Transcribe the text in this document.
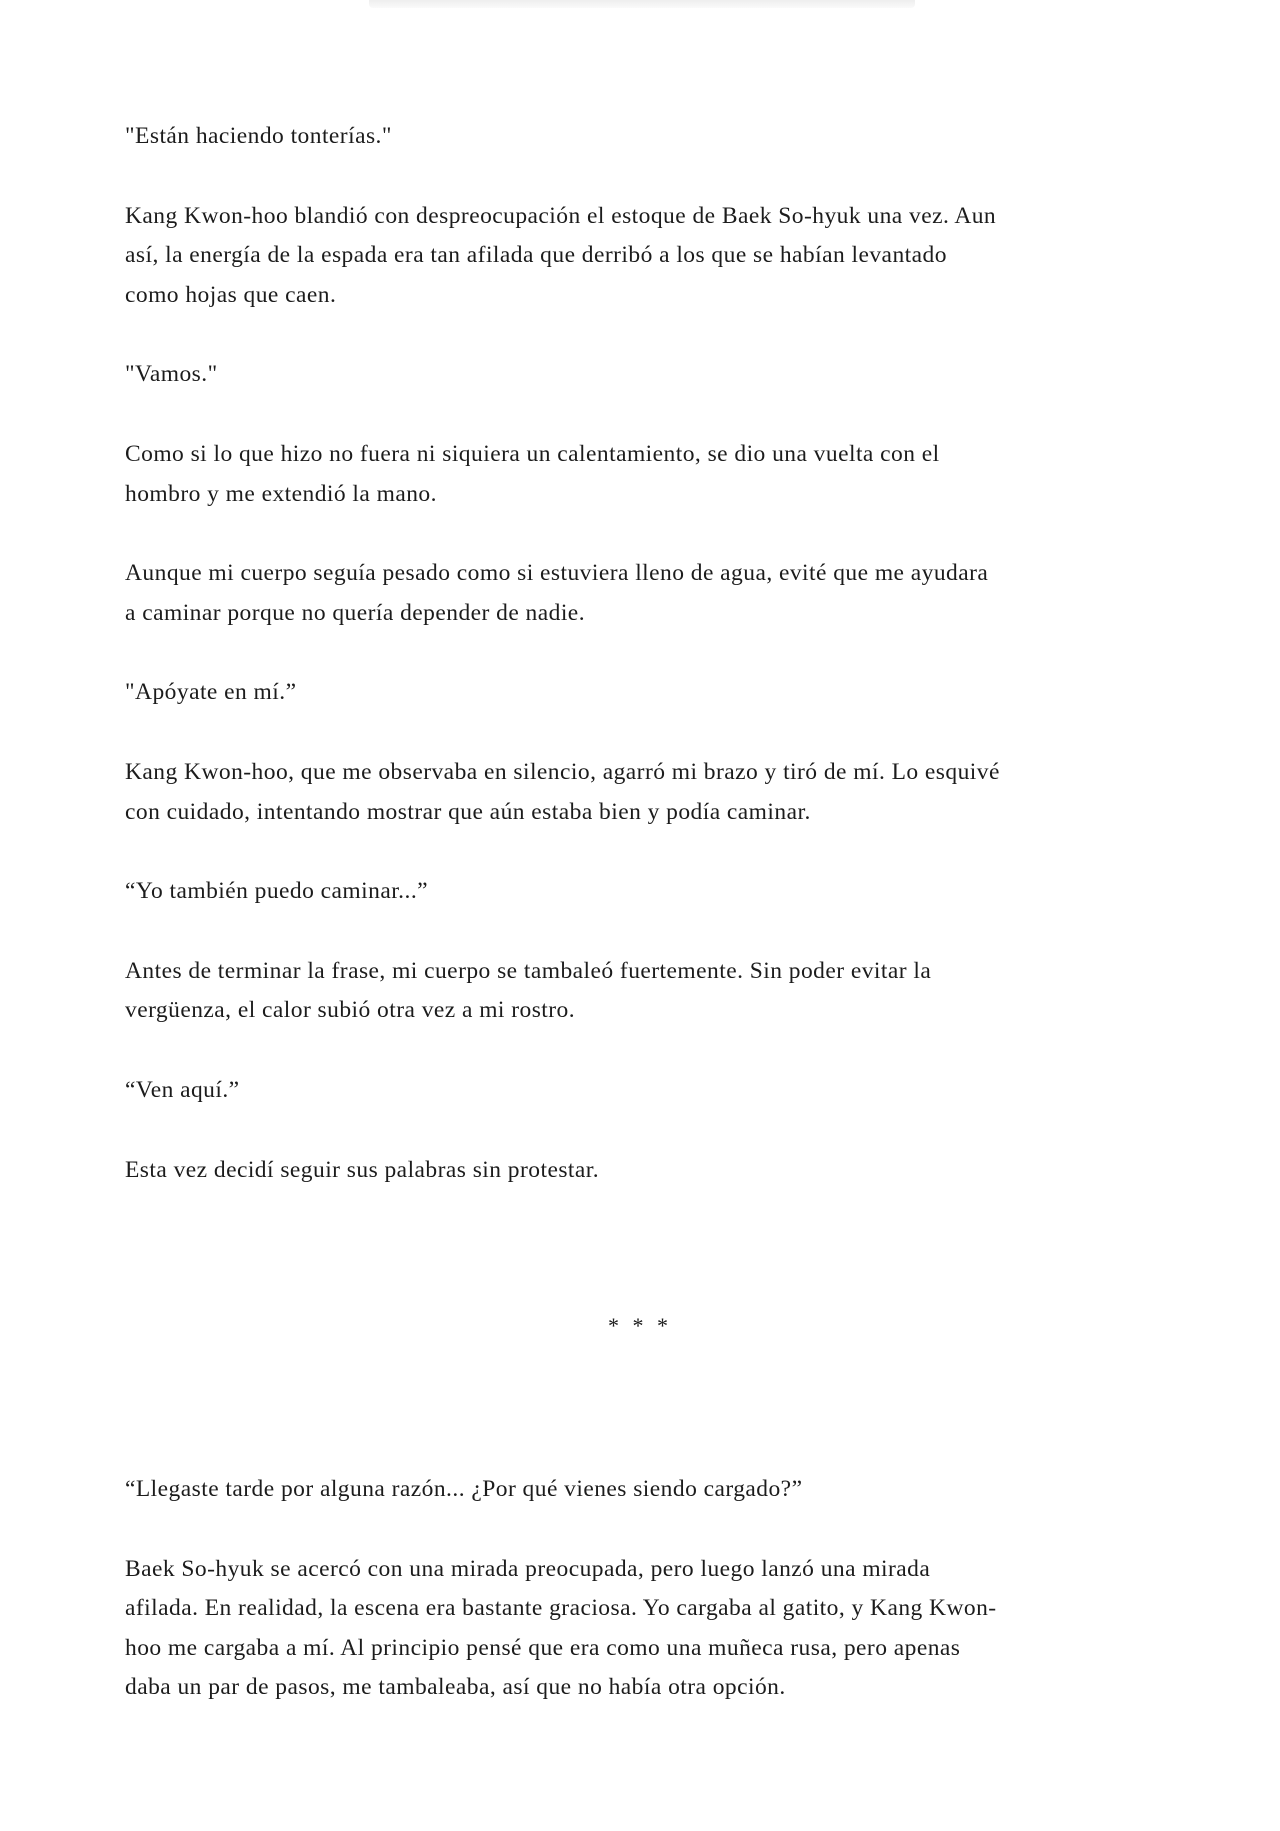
"Están haciendo tonterías."

Kang Kwon-hoo blandió con despreocupación el estoque de Baek So-hyuk una vez. Aun
así, la energía de la espada era tan afilada que derribó a los que se habían levantado
como hojas que caen.

"Vamos."

Como si lo que hizo no fuera ni siquiera un calentamiento, se dio una vuelta con el
hombro y me extendió la mano.

Aunque mi cuerpo seguía pesado como si estuviera lleno de agua, evité que me ayudara
a caminar porque no quería depender de nadie.

"Apóyate en mí.”

Kang Kwon-hoo, que me observaba en silencio, agarró mi brazo y tiró de mí. Lo esquivé
con cuidado, intentando mostrar que aún estaba bien y podía caminar.

“Yo también puedo caminar...”

Antes de terminar la frase, mi cuerpo se tambaleó fuertemente. Sin poder evitar la
vergüenza, el calor subió otra vez a mi rostro.

“Ven aquí.”

Esta vez decidí seguir sus palabras sin protestar.

* * *

“Llegaste tarde por alguna razón... ¿Por qué vienes siendo cargado?”

Baek So-hyuk se acercó con una mirada preocupada, pero luego lanzó una mirada
afilada. En realidad, la escena era bastante graciosa. Yo cargaba al gatito, y Kang Kwon-
hoo me cargaba a mí. Al principio pensé que era como una muñeca rusa, pero apenas
daba un par de pasos, me tambaleaba, así que no había otra opción.
